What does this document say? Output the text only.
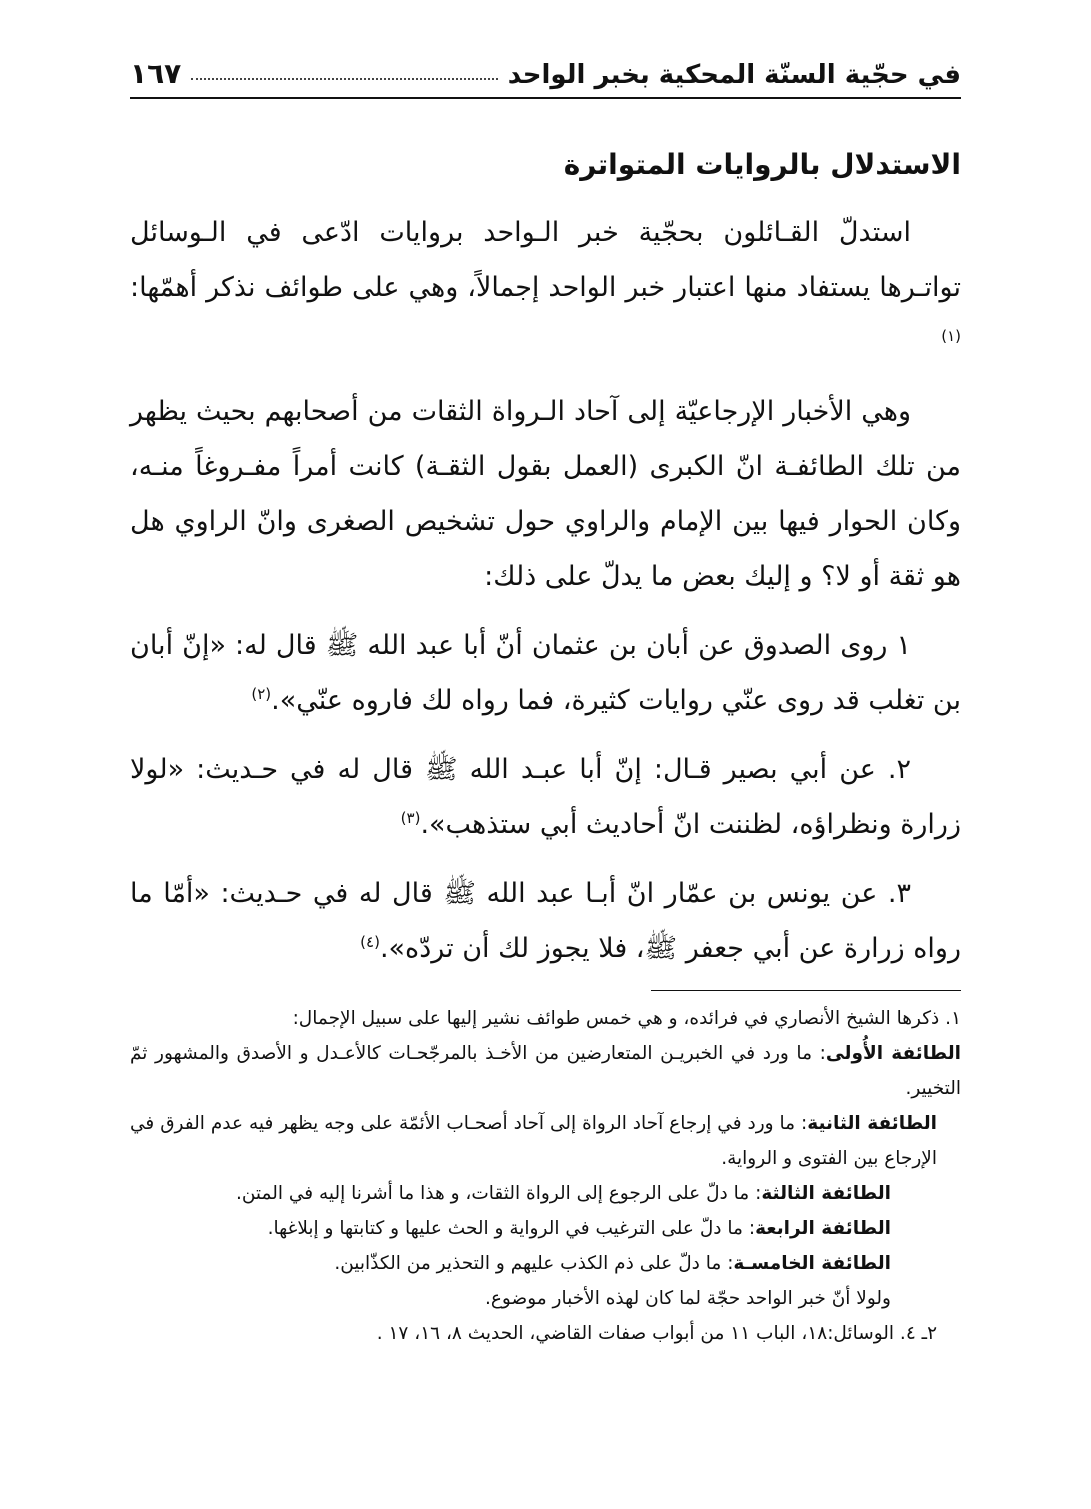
في حجّية السنّة المحكية بخبر الواحد
١٦٧
الاستدلال بالروايات المتواترة

استدلّ القـائلون بحجّية خبر الـواحد بروايات ادّعى في الـوسائل تواتـرها يستفاد منها اعتبار خبر الواحد إجمالاً، وهي على طوائف نذكر أهمّها:$^{(١)}$

وهي الأخبار الإرجاعيّة إلى آحاد الـرواة الثقات من أصحابهم بحيث يظهر من تلك الطائفـة انّ الكبرى (العمل بقول الثقـة) كانت أمراً مفـروغاً منـه، وكان الحوار فيها بين الإمام والراوي حول تشخيص الصغرى وانّ الراوي هل هو ثقة أو لا؟ و إليك بعض ما يدلّ على ذلك:

١ روى الصدوق عن أبان بن عثمان أنّ أبا عبد الله ﷺ قال له: «إنّ أبان بن تغلب قد روى عنّي روايات كثيرة، فما رواه لك فاروه عنّي».$^{(٢)}$

٢. عن أبي بصير قـال: إنّ أبا عبـد الله ﷺ قال له في حـديث: «لولا زرارة ونظراؤه، لظننت انّ أحاديث أبي ستذهب».$^{(٣)}$

٣. عن يونس بن عمّار انّ أبـا عبد الله ﷺ قال له في حـديث: «أمّا ما رواه زرارة عن أبي جعفر ﷺ، فلا يجوز لك أن تردّه».$^{(٤)}$

١. ذكرها الشيخ الأنصاري في فرائده، و هي خمس طوائف نشير إليها على سبيل الإجمال:

الطائفة الأُولى: ما ورد في الخبريـن المتعارضين من الأخـذ بالمرجّحـات كالأعـدل و الأصدق والمشهور ثمّ التخيير.

الطائفة الثانية: ما ورد في إرجاع آحاد الرواة إلى آحاد أصحـاب الأئمّة على وجه يظهر فيه عدم الفرق في الإرجاع بين الفتوى و الرواية.

الطائفة الثالثة: ما دلّ على الرجوع إلى الرواة الثقات، و هذا ما أشرنا إليه في المتن.

الطائفة الرابعة: ما دلّ على الترغيب في الرواية و الحث عليها و كتابتها و إبلاغها.

الطائفة الخامسـة: ما دلّ على ذم الكذب عليهم و التحذير من الكذّابين.

ولولا أنّ خبر الواحد حجّة لما كان لهذه الأخبار موضوع.

٢ـ ٤. الوسائل:١٨، الباب ١١ من أبواب صفات القاضي، الحديث ٨، ١٦، ١٧ .
